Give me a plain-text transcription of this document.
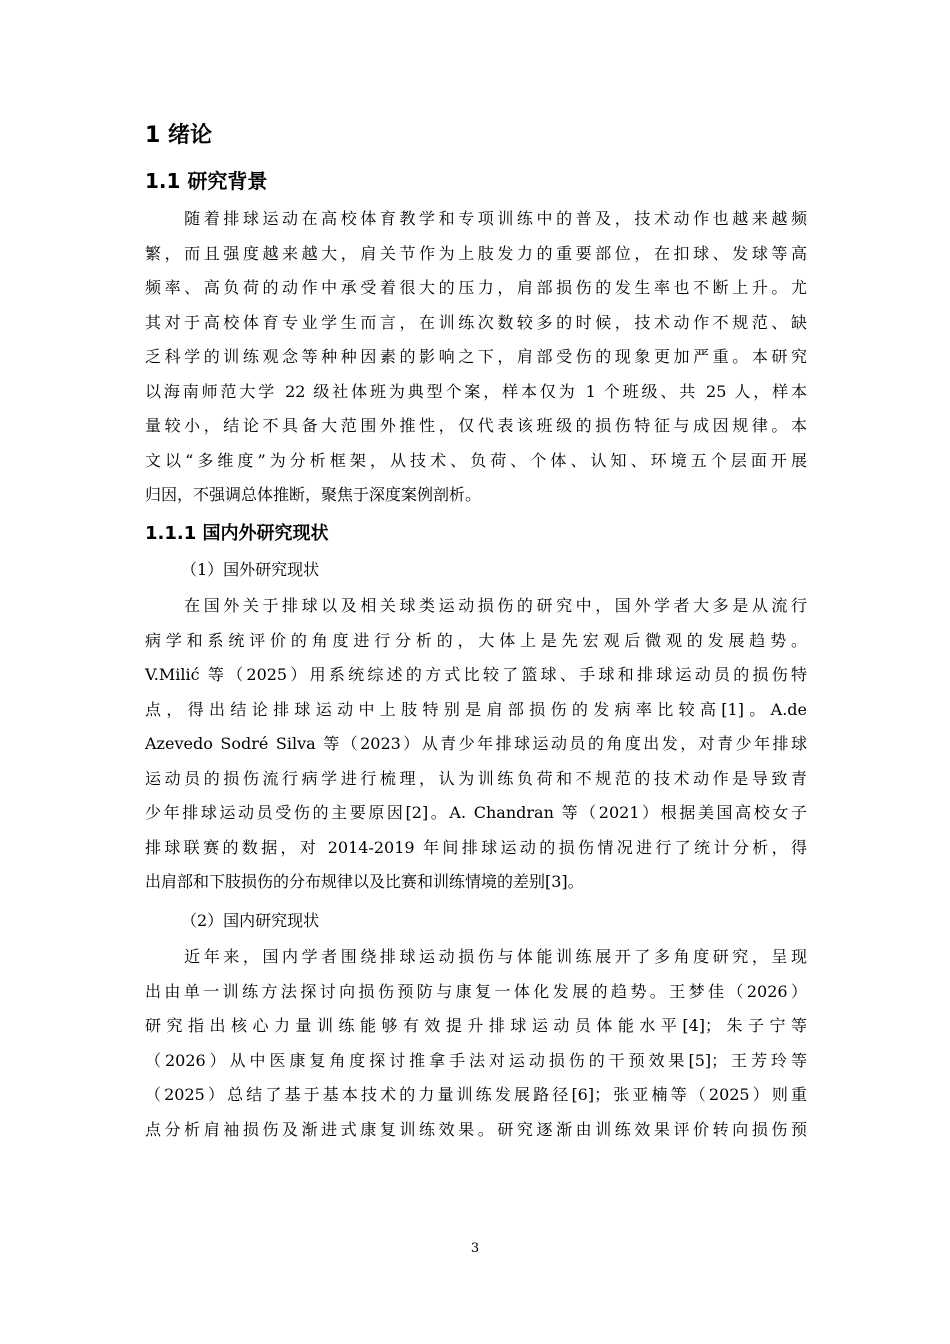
1 绪论
1.1 研究背景
　　随着排球运动在高校体育教学和专项训练中的普及，技术动作也越来越频
繁，而且强度越来越大，肩关节作为上肢发力的重要部位，在扣球、发球等高
频率、高负荷的动作中承受着很大的压力，肩部损伤的发生率也不断上升。尤
其对于高校体育专业学生而言，在训练次数较多的时候，技术动作不规范、缺
乏科学的训练观念等种种因素的影响之下，肩部受伤的现象更加严重。本研究
以海南师范大学 22 级社体班为典型个案，样本仅为 1 个班级、共 25 人，样本
量较小，结论不具备大范围外推性，仅代表该班级的损伤特征与成因规律。本
文以“多维度”为分析框架，从技术、负荷、个体、认知、环境五个层面开展
归因，不强调总体推断，聚焦于深度案例剖析。
1.1.1 国内外研究现状
（1）国外研究现状
　　在国外关于排球以及相关球类运动损伤的研究中，国外学者大多是从流行
病学和系统评价的角度进行分析的，大体上是先宏观后微观的发展趋势。
V.Milić 等（2025）用系统综述的方式比较了篮球、手球和排球运动员的损伤特
点，得出结论排球运动中上肢特别是肩部损伤的发病率比较高[1]。A.de
Azevedo Sodré Silva 等（2023）从青少年排球运动员的角度出发，对青少年排球
运动员的损伤流行病学进行梳理，认为训练负荷和不规范的技术动作是导致青
少年排球运动员受伤的主要原因[2]。A. Chandran 等（2021）根据美国高校女子
排球联赛的数据，对 2014-2019 年间排球运动的损伤情况进行了统计分析，得
出肩部和下肢损伤的分布规律以及比赛和训练情境的差别[3]。
（2）国内研究现状
　　近年来，国内学者围绕排球运动损伤与体能训练展开了多角度研究，呈现
出由单一训练方法探讨向损伤预防与康复一体化发展的趋势。王梦佳（2026）
研究指出核心力量训练能够有效提升排球运动员体能水平[4]；朱子宁等
（2026）从中医康复角度探讨推拿手法对运动损伤的干预效果[5]；王芳玲等
（2025）总结了基于基本技术的力量训练发展路径[6]；张亚楠等（2025）则重
点分析肩袖损伤及渐进式康复训练效果。研究逐渐由训练效果评价转向损伤预
3
